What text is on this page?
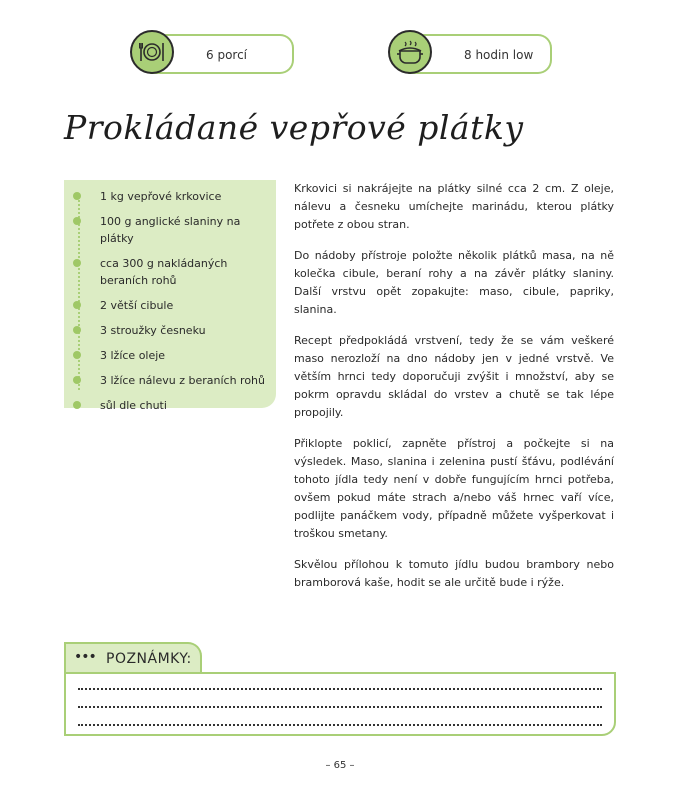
6 porcí	8 hodin low
Prokládané vepřové plátky
1 kg vepřové krkovice
100 g anglické slaniny na plátky
cca 300 g nakládaných beraních rohů
2 větší cibule
3 stroužky česneku
3 lžíce oleje
3 lžíce nálevu z beraních rohů
sůl dle chuti

Krkovici si nakrájejte na plátky silné cca 2 cm. Z oleje, nálevu a česneku umíchejte marinádu, kterou plátky potřete z obou stran.

Do nádoby přístroje položte několik plátků masa, na ně kolečka cibule, beraní rohy a na závěr plátky slaniny. Další vrstvu opět zopakujte: maso, cibule, papriky, slanina.

Recept předpokládá vrstvení, tedy že se vám veškeré maso nerozloží na dno nádoby jen v jedné vrstvě. Ve větším hrnci tedy doporučuji zvýšit i množství, aby se pokrm opravdu skládal do vrstev a chutě se tak lépe propojily.

Přiklopte poklicí, zapněte přístroj a počkejte si na výsledek. Maso, slanina i zelenina pustí šťávu, podlévání tohoto jídla tedy není v dobře fungujícím hrnci potřeba, ovšem pokud máte strach a/nebo váš hrnec vaří více, podlijte panáčkem vody, případně můžete vyšperkovat i troškou smetany.

Skvělou přílohou k tomuto jídlu budou brambory nebo bramborová kaše, hodit se ale určitě bude i rýže.

••• POZNÁMKY:
– 65 –
